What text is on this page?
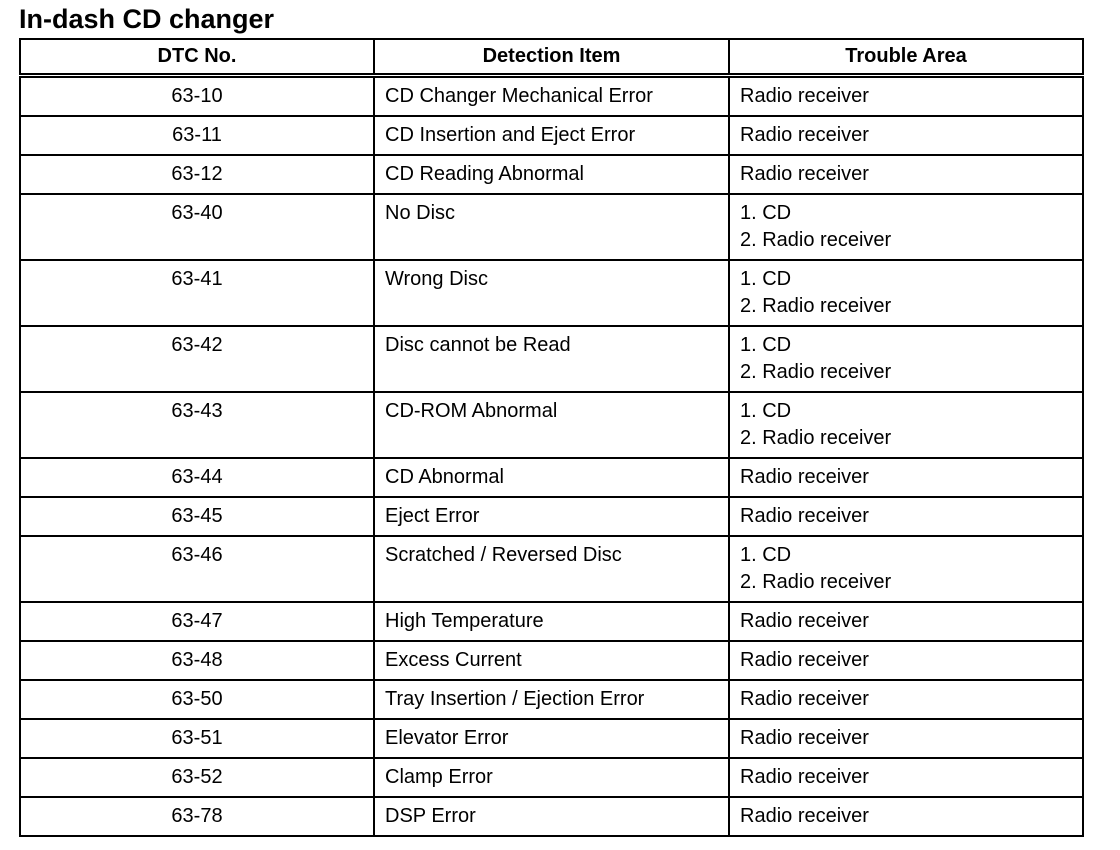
In-dash CD changer
DTC No.	Detection Item	Trouble Area
63-10	CD Changer Mechanical Error	Radio receiver

63-11	CD Insertion and Eject Error	Radio receiver

63-12	CD Reading Abnormal	Radio receiver

63-40	No Disc	1. CD
2. Radio receiver

63-41	Wrong Disc	1. CD
2. Radio receiver

63-42	Disc cannot be Read	1. CD
2. Radio receiver

63-43	CD-ROM Abnormal	1. CD
2. Radio receiver

63-44	CD Abnormal	Radio receiver

63-45	Eject Error	Radio receiver

63-46	Scratched / Reversed Disc	1. CD
2. Radio receiver

63-47	High Temperature	Radio receiver

63-48	Excess Current	Radio receiver

63-50	Tray Insertion / Ejection Error	Radio receiver

63-51	Elevator Error	Radio receiver

63-52	Clamp Error	Radio receiver

63-78	DSP Error	Radio receiver
